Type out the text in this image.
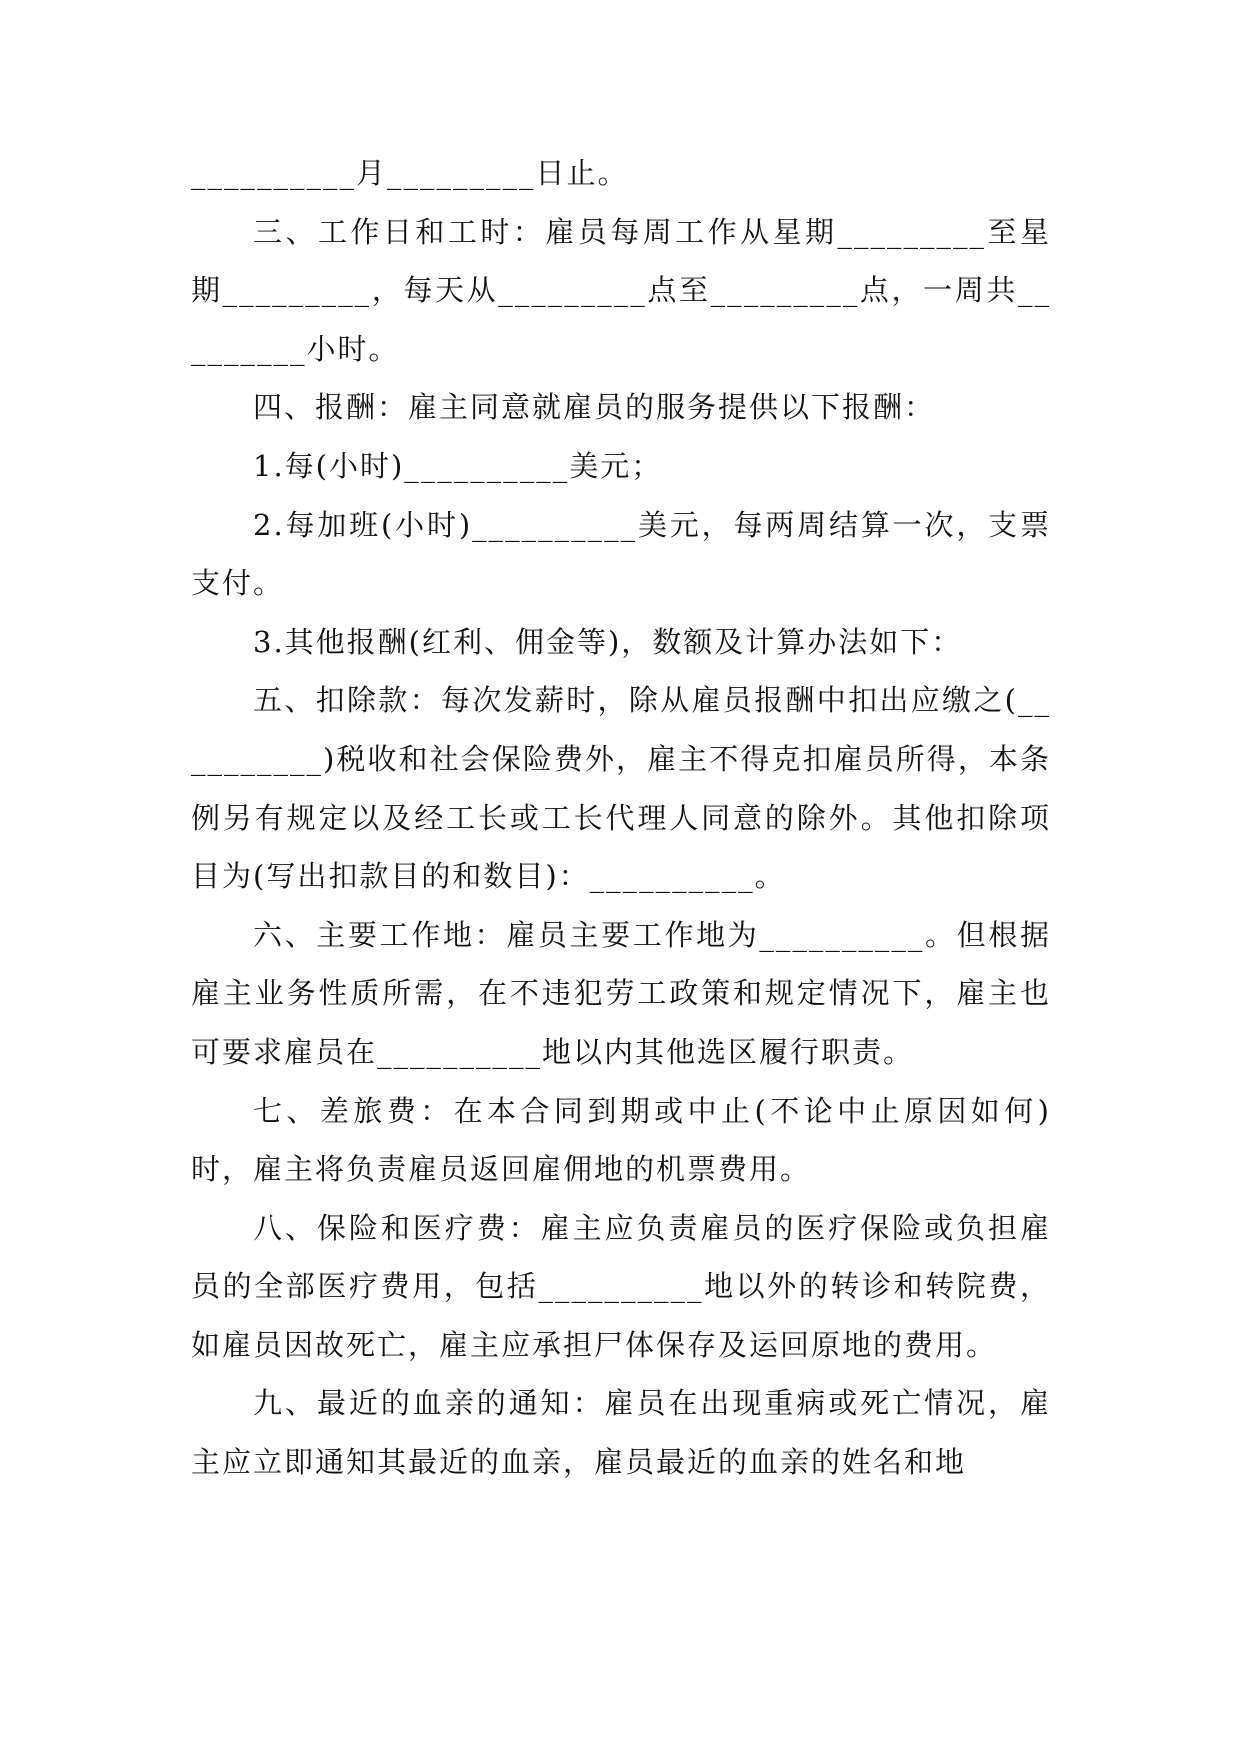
__________月_________日止。

三、工作日和工时：雇员每周工作从星期_________至星期_________，每天从_________点至_________点，一周共_________小时。

四、报酬：雇主同意就雇员的服务提供以下报酬：

1.每(小时)__________美元；

2.每加班(小时)__________美元，每两周结算一次，支票支付。

3.其他报酬(红利、佣金等)，数额及计算办法如下：

五、扣除款：每次发薪时，除从雇员报酬中扣出应缴之(__________)税收和社会保险费外，雇主不得克扣雇员所得，本条例另有规定以及经工长或工长代理人同意的除外。其他扣除项目为(写出扣款目的和数目)：__________。

六、主要工作地：雇员主要工作地为__________。但根据雇主业务性质所需，在不违犯劳工政策和规定情况下，雇主也可要求雇员在__________地以内其他选区履行职责。

七、差旅费：在本合同到期或中止(不论中止原因如何)时，雇主将负责雇员返回雇佣地的机票费用。

八、保险和医疗费：雇主应负责雇员的医疗保险或负担雇员的全部医疗费用，包括__________地以外的转诊和转院费，如雇员因故死亡，雇主应承担尸体保存及运回原地的费用。

九、最近的血亲的通知：雇员在出现重病或死亡情况，雇主应立即通知其最近的血亲，雇员最近的血亲的姓名和地
